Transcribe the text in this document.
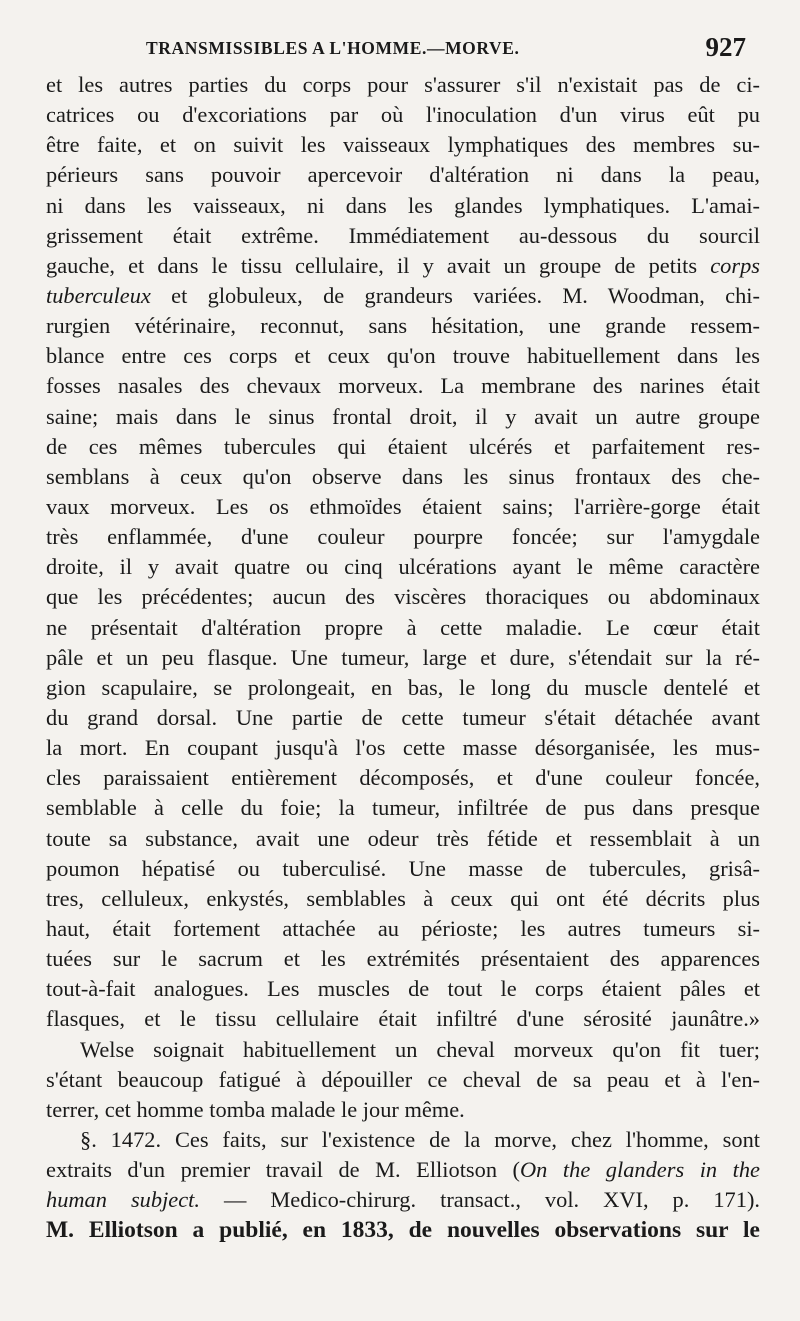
TRANSMISSIBLES A L'HOMME.—MORVE.	927
et les autres parties du corps pour s'assurer s'il n'existait pas de ci-
catrices ou d'excoriations par où l'inoculation d'un virus eût pu
être faite, et on suivit les vaisseaux lymphatiques des membres su-
périeurs sans pouvoir apercevoir d'altération ni dans la peau,
ni dans les vaisseaux, ni dans les glandes lymphatiques. L'amai-
grissement était extrême. Immédiatement au-dessous du sourcil
gauche, et dans le tissu cellulaire, il y avait un groupe de petits corps
tuberculeux et globuleux, de grandeurs variées. M. Woodman, chi-
rurgien vétérinaire, reconnut, sans hésitation, une grande ressem-
blance entre ces corps et ceux qu'on trouve habituellement dans les
fosses nasales des chevaux morveux. La membrane des narines était
saine; mais dans le sinus frontal droit, il y avait un autre groupe
de ces mêmes tubercules qui étaient ulcérés et parfaitement res-
semblans à ceux qu'on observe dans les sinus frontaux des che-
vaux morveux. Les os ethmoïdes étaient sains; l'arrière-gorge était
très enflammée, d'une couleur pourpre foncée; sur l'amygdale
droite, il y avait quatre ou cinq ulcérations ayant le même caractère
que les précédentes; aucun des viscères thoraciques ou abdominaux
ne présentait d'altération propre à cette maladie. Le cœur était
pâle et un peu flasque. Une tumeur, large et dure, s'étendait sur la ré-
gion scapulaire, se prolongeait, en bas, le long du muscle dentelé et
du grand dorsal. Une partie de cette tumeur s'était détachée avant
la mort. En coupant jusqu'à l'os cette masse désorganisée, les mus-
cles paraissaient entièrement décomposés, et d'une couleur foncée,
semblable à celle du foie; la tumeur, infiltrée de pus dans presque
toute sa substance, avait une odeur très fétide et ressemblait à un
poumon hépatisé ou tuberculisé. Une masse de tubercules, grisâ-
tres, celluleux, enkystés, semblables à ceux qui ont été décrits plus
haut, était fortement attachée au périoste; les autres tumeurs si-
tuées sur le sacrum et les extrémités présentaient des apparences
tout-à-fait analogues. Les muscles de tout le corps étaient pâles et
flasques, et le tissu cellulaire était infiltré d'une sérosité jaunâtre.»
Welse soignait habituellement un cheval morveux qu'on fit tuer;
s'étant beaucoup fatigué à dépouiller ce cheval de sa peau et à l'en-
terrer, cet homme tomba malade le jour même.
§. 1472. Ces faits, sur l'existence de la morve, chez l'homme, sont
extraits d'un premier travail de M. Elliotson (On the glanders in the
human subject. — Medico-chirurg. transact., vol. XVI, p. 171).
M. Elliotson a publié, en 1833, de nouvelles observations sur le
